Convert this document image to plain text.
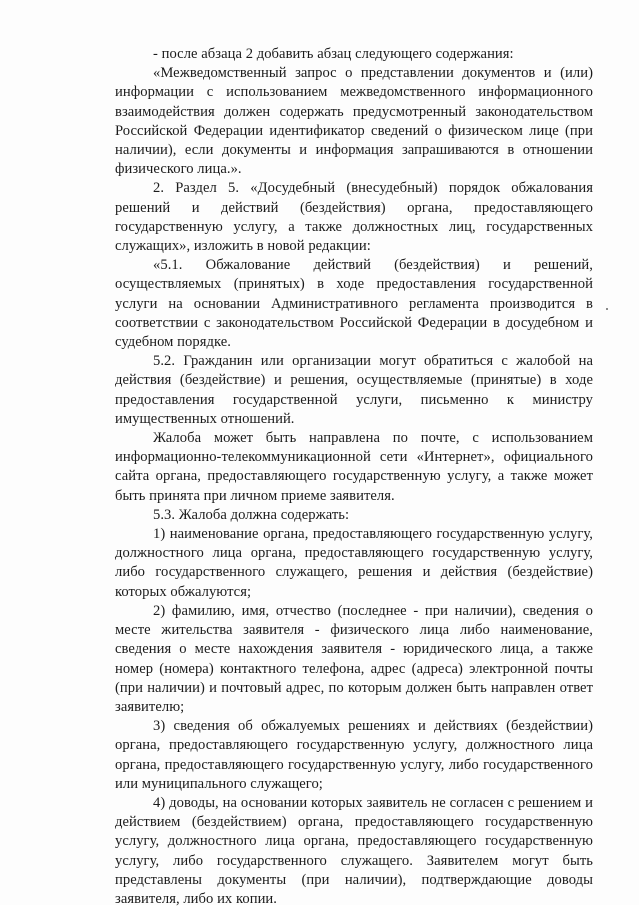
- после абзаца 2 добавить абзац следующего содержания:

«Межведомственный запрос о представлении документов и (или) информации с использованием межведомственного информационного взаимодействия должен содержать предусмотренный законодательством Российской Федерации идентификатор сведений о физическом лице (при наличии), если документы и информация запрашиваются в отношении физического лица.».

2. Раздел 5. «Досудебный (внесудебный) порядок обжалования решений и действий (бездействия) органа, предоставляющего государственную услугу, а также должностных лиц, государственных служащих», изложить в новой редакции:

«5.1. Обжалование действий (бездействия) и решений, осуществляемых (принятых) в ходе предоставления государственной услуги на основании Административного регламента производится в соответствии с законодательством Российской Федерации в досудебном и судебном порядке.

5.2. Гражданин или организации могут обратиться с жалобой на действия (бездействие) и решения, осуществляемые (принятые) в ходе предоставления государственной услуги, письменно к министру имущественных отношений.

Жалоба может быть направлена по почте, с использованием информационно-телекоммуникационной сети «Интернет», официального сайта органа, предоставляющего государственную услугу, а также может быть принята при личном приеме заявителя.

5.3. Жалоба должна содержать:

1) наименование органа, предоставляющего государственную услугу, должностного лица органа, предоставляющего государственную услугу, либо государственного служащего, решения и действия (бездействие) которых обжалуются;

2) фамилию, имя, отчество (последнее - при наличии), сведения о месте жительства заявителя - физического лица либо наименование, сведения о месте нахождения заявителя - юридического лица, а также номер (номера) контактного телефона, адрес (адреса) электронной почты (при наличии) и почтовый адрес, по которым должен быть направлен ответ заявителю;

3) сведения об обжалуемых решениях и действиях (бездействии) органа, предоставляющего государственную услугу, должностного лица органа, предоставляющего государственную услугу, либо государственного или муниципального служащего;

4) доводы, на основании которых заявитель не согласен с решением и действием (бездействием) органа, предоставляющего государственную услугу, должностного лица органа, предоставляющего государственную услугу, либо государственного служащего. Заявителем могут быть представлены документы (при наличии), подтверждающие доводы заявителя, либо их копии.
